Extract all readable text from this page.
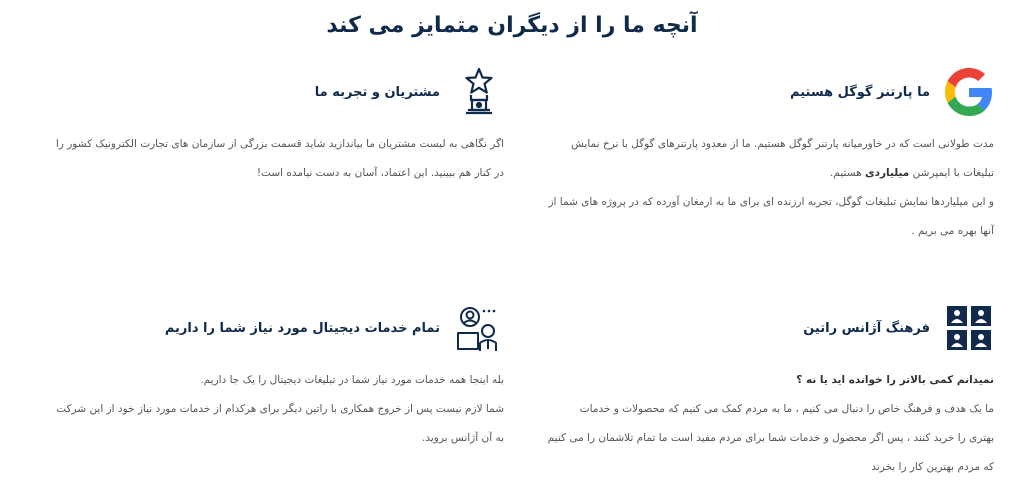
آنچه ما را از دیگران متمایز می کند
ما پارتنر گوگل هستیم

مدت طولانی است که در خاورمیانه پارتنر گوگل هستیم. ما از معدود پارتنرهای گوگل با نرخ نمایش

تبلیغات با ایمپرشن میلیاردی هستیم.

و این میلیاردها نمایش تبلیغات گوگل، تجربه ارزنده ای برای ما به ارمغان آورده که در پروژه های شما از

آنها بهره می بریم .

مشتریان و تجربه ما

اگر نگاهی به لیست مشتریان ما بیاندازید شاید قسمت بزرگی از سازمان های تجارت الکترونیک کشور را

در کنار هم ببینید. این اعتماد، آسان به دست نیامده است!

فرهنگ آژانس راتین

نمیدانم کمی بالاتر را خوانده اید یا نه ؟

ما یک هدف و فرهنگ خاص را دنبال می کنیم ، ما به مردم کمک می کنیم که محصولات و خدمات

بهتری را خرید کنند ، پس اگر محصول و خدمات شما برای مردم مفید است ما تمام تلاشمان را می کنیم

که مردم بهترین کار را بخرند

تمام خدمات دیجیتال مورد نیاز شما را داریم

بله اینجا همه خدمات مورد نیاز شما در تبلیغات دیجیتال را یک جا داریم.

شما لازم نیست پس از خروج همکاری با راتین دیگر برای هرکدام از خدمات مورد نیاز خود از این شرکت

به آن آژانس بروید.
